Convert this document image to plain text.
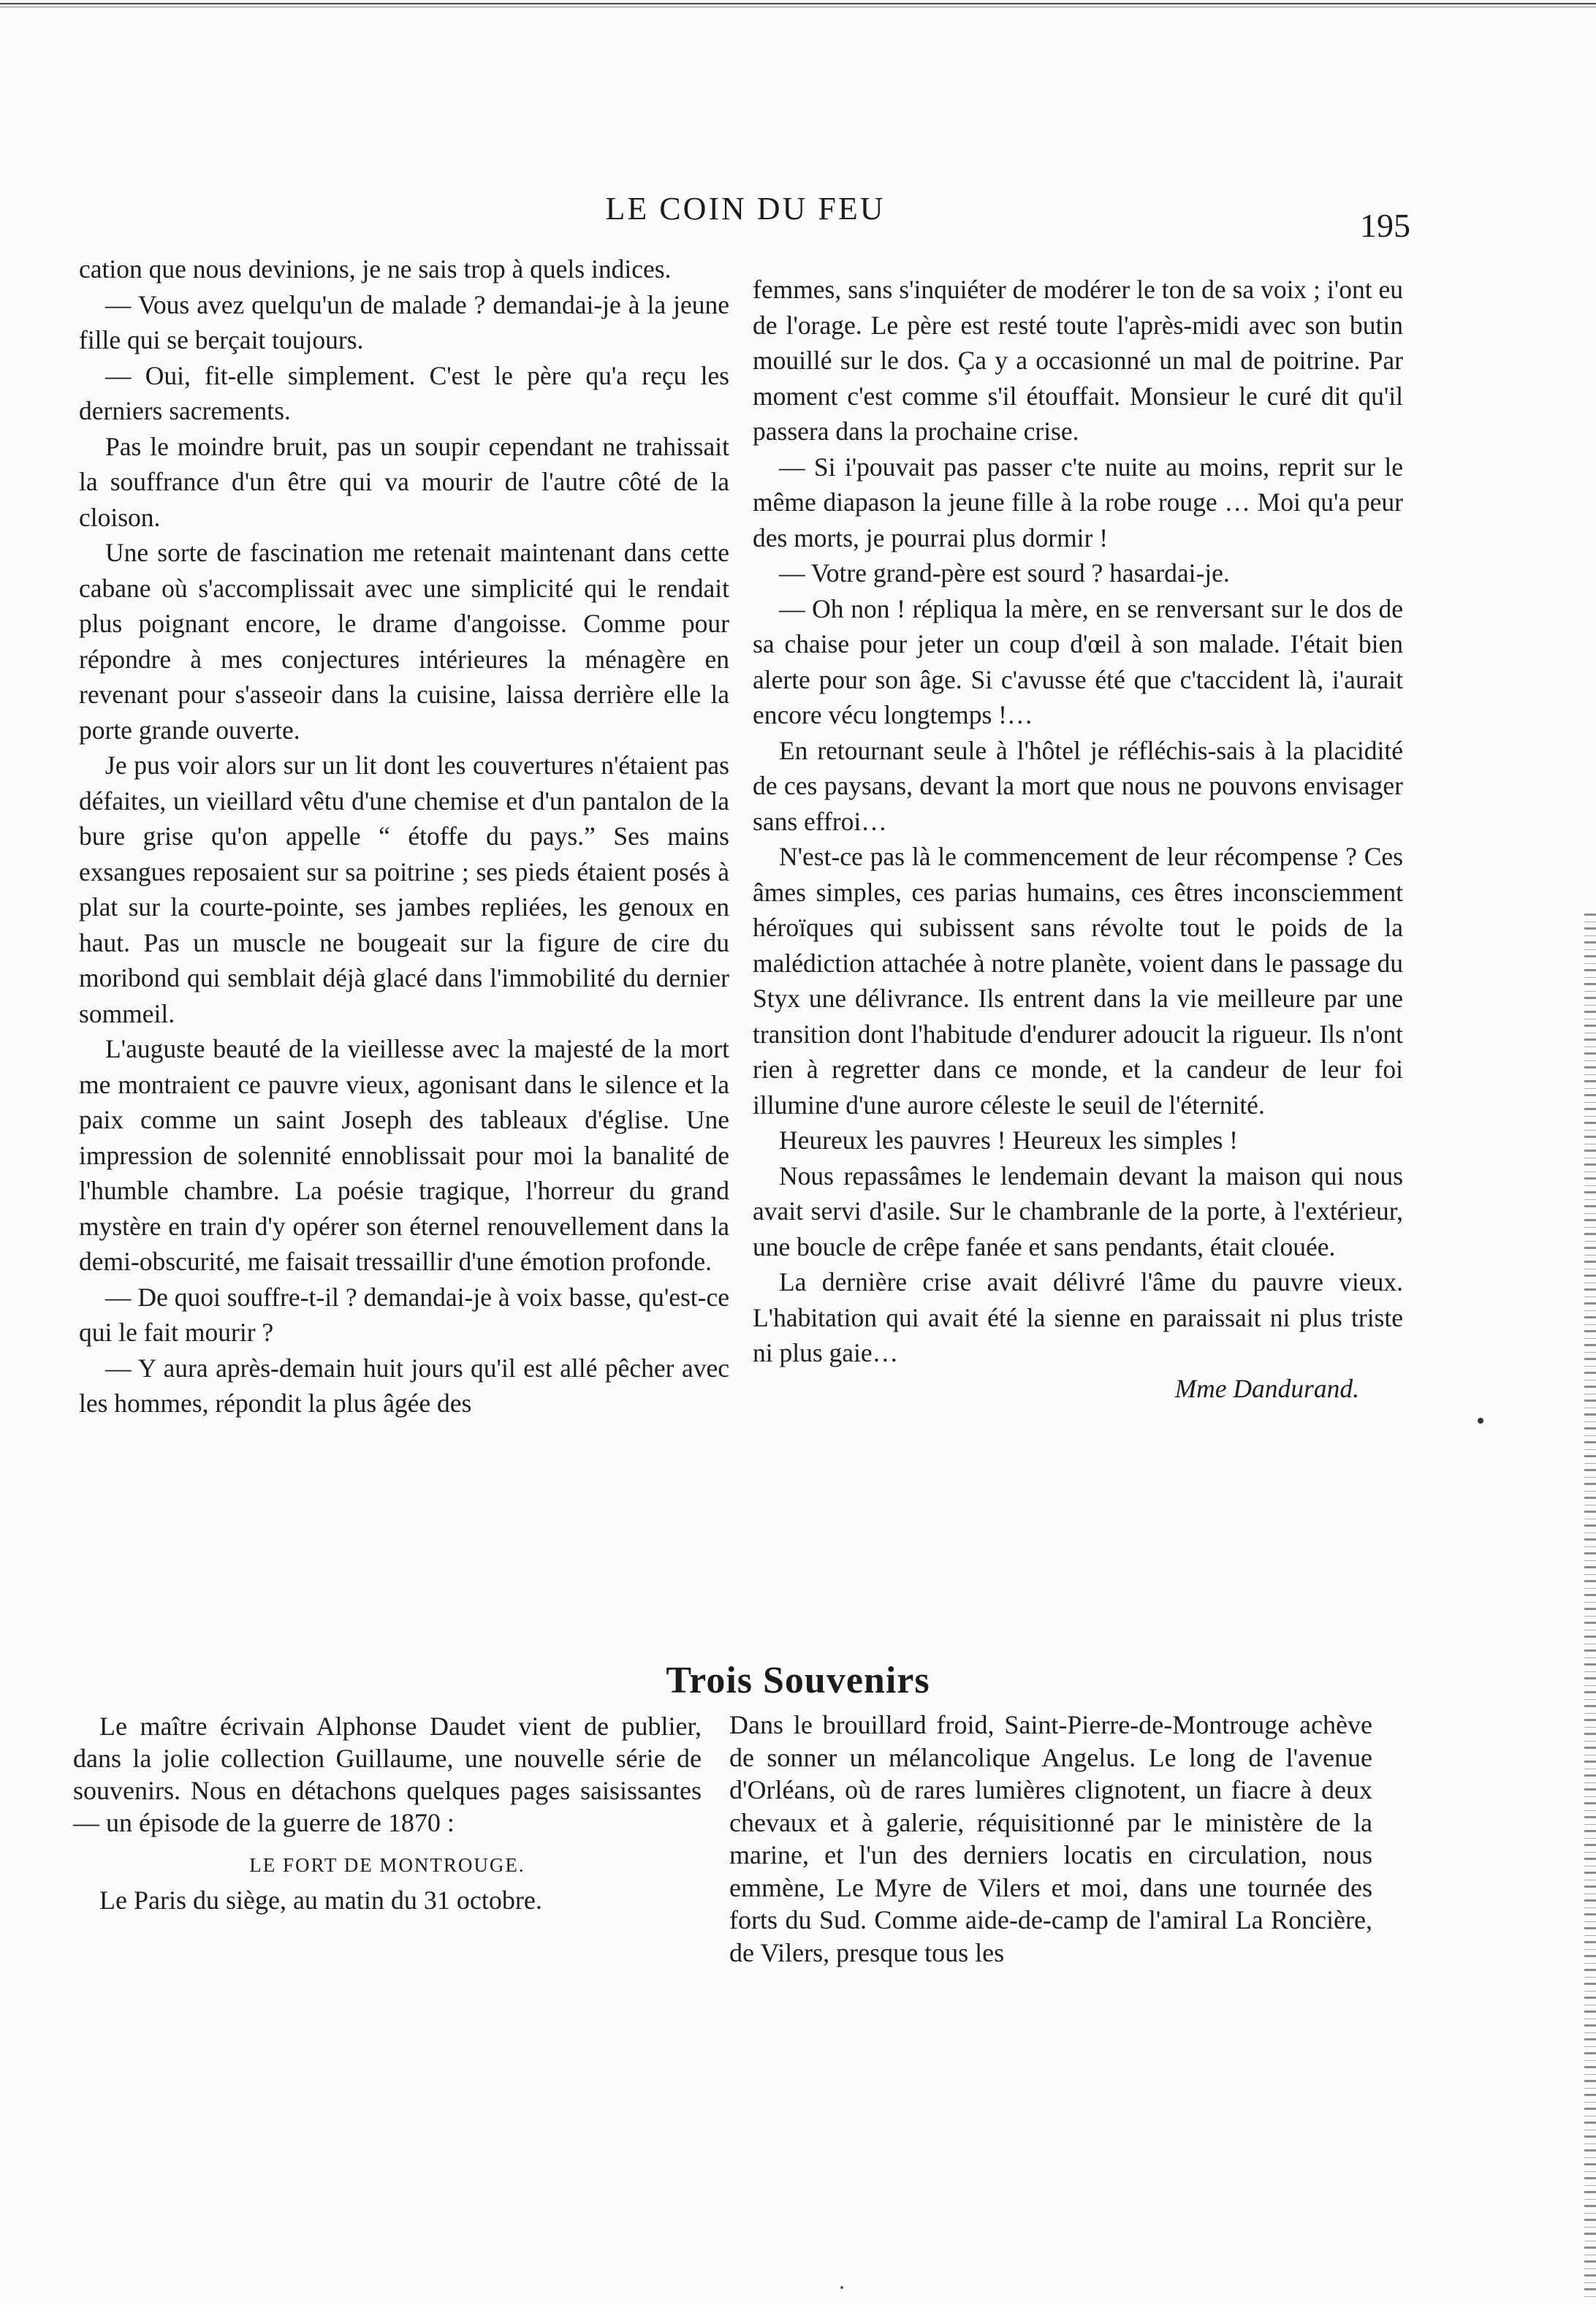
LE COIN DU FEU	195

cation que nous devinions, je ne sais trop à quels indices.

— Vous avez quelqu'un de malade ? demandai-je à la jeune fille qui se berçait toujours.

— Oui, fit-elle simplement. C'est le père qu'a reçu les derniers sacrements.

Pas le moindre bruit, pas un soupir cependant ne trahissait la souffrance d'un être qui va mourir de l'autre côté de la cloison.

Une sorte de fascination me retenait maintenant dans cette cabane où s'accomplissait avec une simplicité qui le rendait plus poignant encore, le drame d'angoisse. Comme pour répondre à mes conjectures intérieures la ménagère en revenant pour s'asseoir dans la cuisine, laissa derrière elle la porte grande ouverte.

Je pus voir alors sur un lit dont les couvertures n'étaient pas défaites, un vieillard vêtu d'une chemise et d'un pantalon de la bure grise qu'on appelle “ étoffe du pays.” Ses mains exsangues reposaient sur sa poitrine ; ses pieds étaient posés à plat sur la courte-pointe, ses jambes repliées, les genoux en haut. Pas un muscle ne bougeait sur la figure de cire du moribond qui semblait déjà glacé dans l'immobilité du dernier sommeil.

L'auguste beauté de la vieillesse avec la majesté de la mort me montraient ce pauvre vieux, agonisant dans le silence et la paix comme un saint Joseph des tableaux d'église. Une impression de solennité ennoblissait pour moi la banalité de l'humble chambre. La poésie tragique, l'horreur du grand mystère en train d'y opérer son éternel renouvellement dans la demi-obscurité, me faisait tressaillir d'une émotion profonde.

— De quoi souffre-t-il ? demandai-je à voix basse, qu'est-ce qui le fait mourir ?

— Y aura après-demain huit jours qu'il est allé pêcher avec les hommes, répondit la plus âgée des

femmes, sans s'inquiéter de modérer le ton de sa voix ; i'ont eu de l'orage. Le père est resté toute l'après-midi avec son butin mouillé sur le dos. Ça y a occasionné un mal de poitrine. Par moment c'est comme s'il étouffait. Monsieur le curé dit qu'il passera dans la prochaine crise.

— Si i'pouvait pas passer c'te nuite au moins, reprit sur le même diapason la jeune fille à la robe rouge … Moi qu'a peur des morts, je pourrai plus dormir !

— Votre grand-père est sourd ? hasardai-je.

— Oh non ! répliqua la mère, en se renversant sur le dos de sa chaise pour jeter un coup d'œil à son malade. I'était bien alerte pour son âge. Si c'avusse été que c'taccident là, i'aurait encore vécu longtemps !…

En retournant seule à l'hôtel je réfléchis-sais à la placidité de ces paysans, devant la mort que nous ne pouvons envisager sans effroi…

N'est-ce pas là le commencement de leur récompense ? Ces âmes simples, ces parias humains, ces êtres inconsciemment héroïques qui subissent sans révolte tout le poids de la malédiction attachée à notre planète, voient dans le passage du Styx une délivrance. Ils entrent dans la vie meilleure par une transition dont l'habitude d'endurer adoucit la rigueur. Ils n'ont rien à regretter dans ce monde, et la candeur de leur foi illumine d'une aurore céleste le seuil de l'éternité.

Heureux les pauvres ! Heureux les simples !

Nous repassâmes le lendemain devant la maison qui nous avait servi d'asile. Sur le chambranle de la porte, à l'extérieur, une boucle de crêpe fanée et sans pendants, était clouée.

La dernière crise avait délivré l'âme du pauvre vieux. L'habitation qui avait été la sienne en paraissait ni plus triste ni plus gaie…

Mme Dandurand.

Trois Souvenirs

Le maître écrivain Alphonse Daudet vient de publier, dans la jolie collection Guillaume, une nouvelle série de souvenirs. Nous en détachons quelques pages saisissantes — un épisode de la guerre de 1870 :

LE FORT DE MONTROUGE.

Le Paris du siège, au matin du 31 octobre.

Dans le brouillard froid, Saint-Pierre-de-Montrouge achève de sonner un mélancolique Angelus. Le long de l'avenue d'Orléans, où de rares lumières clignotent, un fiacre à deux chevaux et à galerie, réquisitionné par le ministère de la marine, et l'un des derniers locatis en circulation, nous emmène, Le Myre de Vilers et moi, dans une tournée des forts du Sud. Comme aide-de-camp de l'amiral La Roncière, de Vilers, presque tous les
